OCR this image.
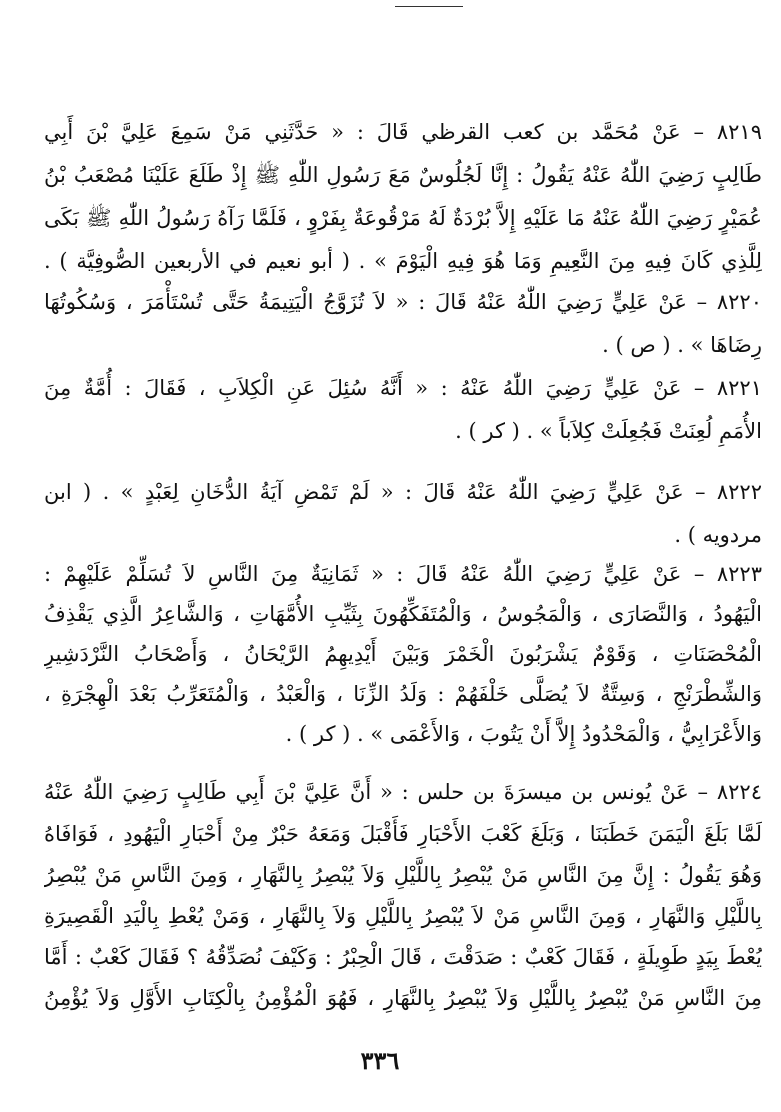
٨٢١٩ – عَنْ مُحَمَّد بن كعب القرظي قَالَ : « حَدَّثَنِي مَنْ سَمِعَ عَلِيَّ بْنَ أَبِي
طَالِبٍ رَضِيَ اللّٰهُ عَنْهُ يَقُولُ : إِنَّا لَجُلُوسٌ مَعَ رَسُولِ اللّٰهِ ﷺ إِذْ طَلَعَ عَلَيْنَا مُصْعَبُ بْنُ
عُمَيْرٍ رَضِيَ اللّٰهُ عَنْهُ مَا عَلَيْهِ إِلاَّ بُرْدَةٌ لَهُ مَرْقُوعَةٌ بِفَرْوٍ ، فَلَمَّا رَآهُ رَسُولُ اللّٰهِ ﷺ بَكَى
لِلَّذِي كَانَ فِيهِ مِنَ النَّعِيمِ وَمَا هُوَ فِيهِ الْيَوْمَ » . ( أبو نعيم في الأربعين الصُّوفِيَّة ) .
٨٢٢٠ – عَنْ عَلِيٍّ رَضِيَ اللّٰهُ عَنْهُ قَالَ : « لاَ تُزَوَّجُ الْيَتِيمَةُ حَتَّى تُسْتَأْمَرَ ، وَسُكُوتُهَا
رِضَاهَا » . ( ص ) .
٨٢٢١ – عَنْ عَلِيٍّ رَضِيَ اللّٰهُ عَنْهُ : « أَنَّهُ سُئِلَ عَنِ الْكِلاَبِ ، فَقَالَ : أُمَّةٌ مِنَ
الأُمَمِ لُعِنَتْ فَجُعِلَتْ كِلاَباً » . ( كر ) .
٨٢٢٢ – عَنْ عَلِيٍّ رَضِيَ اللّٰهُ عَنْهُ قَالَ : « لَمْ تَمْضِ آيَةُ الدُّخَانِ لِعَبْدٍ » . ( ابن
مردويه ) .
٨٢٢٣ – عَنْ عَلِيٍّ رَضِيَ اللّٰهُ عَنْهُ قَالَ : « ثَمَانِيَةٌ مِنَ النَّاسِ لاَ تُسَلِّمْ عَلَيْهِمْ :
الْيَهُودُ ، وَالنَّصَارَى ، وَالْمَجُوسُ ، وَالْمُتَفَكِّهُونَ بِثَيِّبِ الأُمَّهَاتِ ، وَالشَّاعِرُ الَّذِي يَقْذِفُ
الْمُحْصَنَاتِ ، وَقَوْمٌ يَشْرَبُونَ الْخَمْرَ وَبَيْنَ أَيْدِيهِمُ الرَّيْحَانُ ، وَأَصْحَابُ النَّرْدَشِيرِ
وَالشِّطْرَنْجِ ، وَسِتَّةٌ لاَ يُصَلَّى خَلْفَهُمْ : وَلَدُ الزِّنَا ، وَالْعَبْدُ ، وَالْمُتَعَرِّبُ بَعْدَ الْهِجْرَةِ ،
وَالأَعْرَابِيُّ ، وَالْمَحْدُودُ إِلاَّ أَنْ يَتُوبَ ، وَالأَعْمَى » . ( كر ) .
٨٢٢٤ – عَنْ يُونس بن ميسرَةَ بن حلس : « أَنَّ عَلِيَّ بْنَ أَبِي طَالِبٍ رَضِيَ اللّٰهُ عَنْهُ
لَمَّا بَلَغَ الْيَمَنَ خَطَبَنَا ، وَبَلَغَ كَعْبَ الأَحْبَارِ فَأَقْبَلَ وَمَعَهُ حَبْرٌ مِنْ أَحْبَارِ الْيَهُودِ ، فَوَافَاهُ
وَهُوَ يَقُولُ : إِنَّ مِنَ النَّاسِ مَنْ يُبْصِرُ بِاللَّيْلِ وَلاَ يُبْصِرُ بِالنَّهَارِ ، وَمِنَ النَّاسِ مَنْ يُبْصِرُ
بِاللَّيْلِ وَالنَّهَارِ ، وَمِنَ النَّاسِ مَنْ لاَ يُبْصِرُ بِاللَّيْلِ وَلاَ بِالنَّهَارِ ، وَمَنْ يُعْطِ بِالْيَدِ الْقَصِيرَةِ
يُعْطَ بِيَدٍ طَوِيلَةٍ ، فَقَالَ كَعْبٌ : صَدَقْتَ ، قَالَ الْحِبْرُ : وَكَيْفَ نُصَدِّقُهُ ؟ فَقَالَ كَعْبٌ : أَمَّا
مِنَ النَّاسِ مَنْ يُبْصِرُ بِاللَّيْلِ وَلاَ يُبْصِرُ بِالنَّهَارِ ، فَهُوَ الْمُؤْمِنُ بِالْكِتَابِ الأَوَّلِ وَلاَ يُؤْمِنُ
٣٣٦
